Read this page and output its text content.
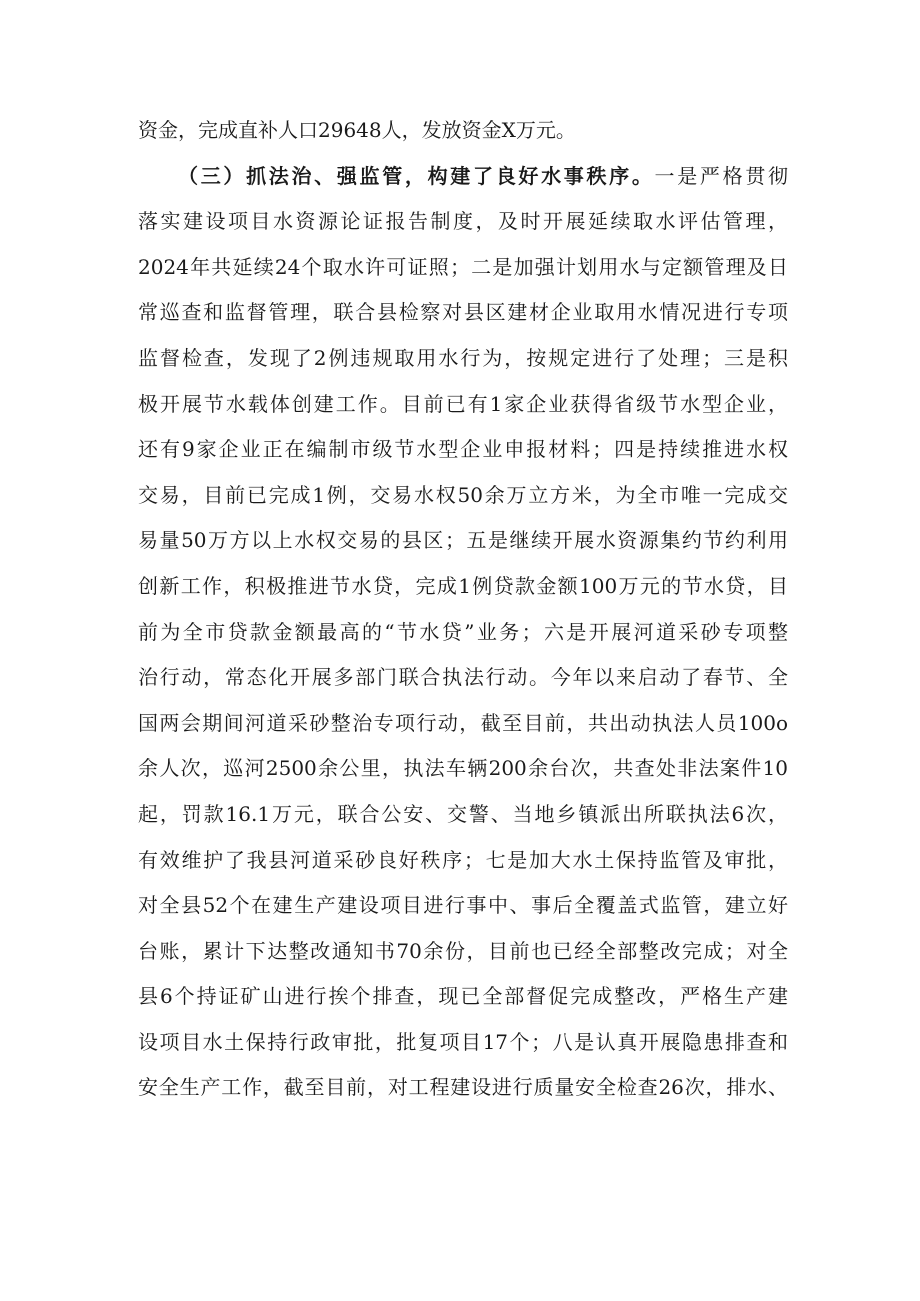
资金，完成直补人口29648人，发放资金X万元。
（三）抓法治、强监管，构建了良好水事秩序。一是严格贯彻
落实建设项目水资源论证报告制度，及时开展延续取水评估管理，
2024年共延续24个取水许可证照；二是加强计划用水与定额管理及日
常巡查和监督管理，联合县检察对县区建材企业取用水情况进行专项
监督检查，发现了2例违规取用水行为，按规定进行了处理；三是积
极开展节水载体创建工作。目前已有1家企业获得省级节水型企业，
还有9家企业正在编制市级节水型企业申报材料；四是持续推进水权
交易，目前已完成1例，交易水权50余万立方米，为全市唯一完成交
易量50万方以上水权交易的县区；五是继续开展水资源集约节约利用
创新工作，积极推进节水贷，完成1例贷款金额100万元的节水贷，目
前为全市贷款金额最高的“节水贷”业务；六是开展河道采砂专项整
治行动，常态化开展多部门联合执法行动。今年以来启动了春节、全
国两会期间河道采砂整治专项行动，截至目前，共出动执法人员100o
余人次，巡河2500余公里，执法车辆200余台次，共查处非法案件10
起，罚款16.1万元，联合公安、交警、当地乡镇派出所联执法6次，
有效维护了我县河道采砂良好秩序；七是加大水土保持监管及审批，
对全县52个在建生产建设项目进行事中、事后全覆盖式监管，建立好
台账，累计下达整改通知书70余份，目前也已经全部整改完成；对全
县6个持证矿山进行挨个排查，现已全部督促完成整改，严格生产建
设项目水土保持行政审批，批复项目17个；八是认真开展隐患排查和
安全生产工作，截至目前，对工程建设进行质量安全检查26次，排水、
